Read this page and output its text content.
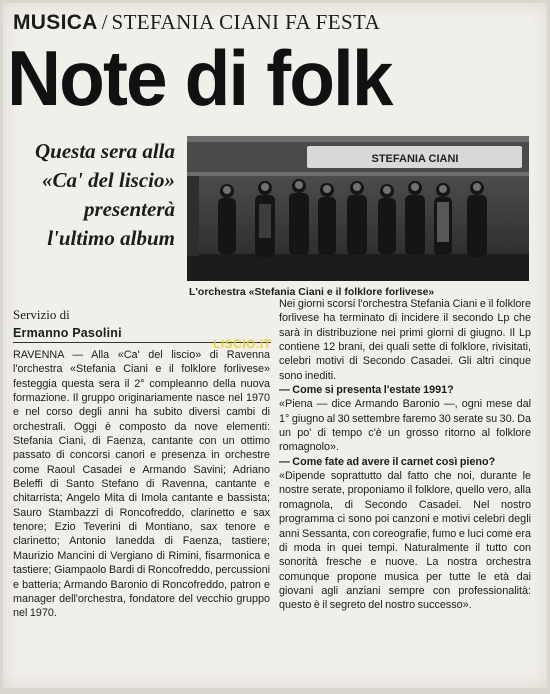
MUSICA / STEFANIA CIANI FA FESTA
Note di folk
Questa sera alla
«Ca' del liscio»
presenterà
l'ultimo album
STEFANIA CIANI
L'orchestra «Stefania Ciani e il folklore forlivese»
Servizio di
Ermanno Pasolini
LISCIO.IT

RAVENNA — Alla «Ca' del liscio» di Ravenna l'orchestra «Stefania Ciani e il folklore forlivese» festeggia questa sera il 2° compleanno della nuova formazione. Il gruppo originariamente nasce nel 1970 e nel corso degli anni ha subito diversi cambi di orchestrali. Oggi è composto da nove elementi: Stefania Ciani, di Faenza, cantante con un ottimo passato di concorsi canori e presenza in orchestre come Raoul Casadei e Armando Savini; Adriano Beleffi di Santo Stefano di Ravenna, cantante e chitarrista; Angelo Mita di Imola cantante e bassista; Sauro Stambazzi di Roncofreddo, clarinetto e sax tenore; Ezio Teverini di Montiano, sax tenore e clarinetto; Antonio Ianedda di Faenza, tastiere; Maurizio Mancini di Vergiano di Rimini, fisarmonica e tastiere; Giampaolo Bardi di Roncofreddo, percussioni e batteria; Armando Baronio di Roncofreddo, patron e manager dell'orchestra, fondatore del vecchio gruppo nel 1970.

Nei giorni scorsi l'orchestra Stefania Ciani e il folklore forlivese ha terminato di incidere il secondo Lp che sarà in distribuzione nei primi giorni di giugno. Il Lp contiene 12 brani, dei quali sette di folklore, rivisitati, celebri motivi di Secondo Casadei. Gli altri cinque sono inediti.

— Come si presenta l'estate 1991?

«Piena — dice Armando Baronio —, ogni mese dal 1° giugno al 30 settembre faremo 30 serate su 30. Da un po' di tempo c'è un grosso ritorno al folklore romagnolo».

— Come fate ad avere il carnet così pieno?

«Dipende soprattutto dal fatto che noi, durante le nostre serate, proponiamo il folklore, quello vero, alla romagnola, di Secondo Casadei. Nel nostro programma ci sono poi canzoni e motivi celebri degli anni Sessanta, con coreografie, fumo e luci come era di moda in quei tempi. Naturalmente il tutto con sonorità fresche e nuove. La nostra orchestra comunque propone musica per tutte le età dai giovani agli anziani sempre con professionalità: questo è il segreto del nostro successo».
